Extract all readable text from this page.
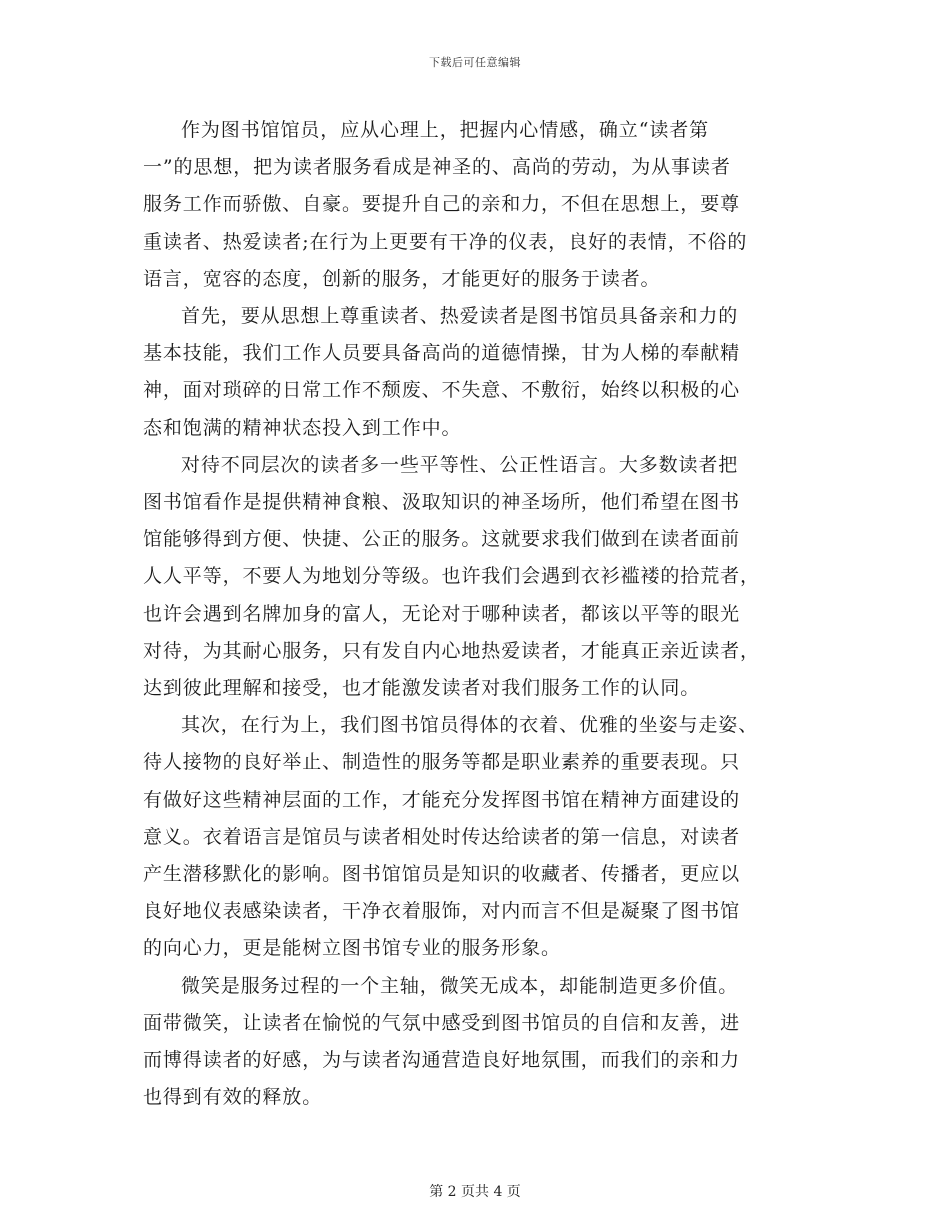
下载后可任意编辑

作为图书馆馆员，应从心理上，把握内心情感，确立“读者第
一”的思想，把为读者服务看成是神圣的、高尚的劳动，为从事读者
服务工作而骄傲、自豪。要提升自己的亲和力，不但在思想上，要尊
重读者、热爱读者;在行为上更要有干净的仪表，良好的表情，不俗的
语言，宽容的态度，创新的服务，才能更好的服务于读者。

首先，要从思想上尊重读者、热爱读者是图书馆员具备亲和力的
基本技能，我们工作人员要具备高尚的道德情操，甘为人梯的奉献精
神，面对琐碎的日常工作不颓废、不失意、不敷衍，始终以积极的心
态和饱满的精神状态投入到工作中。

对待不同层次的读者多一些平等性、公正性语言。大多数读者把
图书馆看作是提供精神食粮、汲取知识的神圣场所，他们希望在图书
馆能够得到方便、快捷、公正的服务。这就要求我们做到在读者面前
人人平等，不要人为地划分等级。也许我们会遇到衣衫褴褛的拾荒者，
也许会遇到名牌加身的富人，无论对于哪种读者，都该以平等的眼光
对待，为其耐心服务，只有发自内心地热爱读者，才能真正亲近读者，
达到彼此理解和接受，也才能激发读者对我们服务工作的认同。

其次，在行为上，我们图书馆员得体的衣着、优雅的坐姿与走姿、
待人接物的良好举止、制造性的服务等都是职业素养的重要表现。只
有做好这些精神层面的工作，才能充分发挥图书馆在精神方面建设的
意义。衣着语言是馆员与读者相处时传达给读者的第一信息，对读者
产生潜移默化的影响。图书馆馆员是知识的收藏者、传播者，更应以
良好地仪表感染读者，干净衣着服饰，对内而言不但是凝聚了图书馆
的向心力，更是能树立图书馆专业的服务形象。

微笑是服务过程的一个主轴，微笑无成本，却能制造更多价值。
面带微笑，让读者在愉悦的气氛中感受到图书馆员的自信和友善，进
而博得读者的好感，为与读者沟通营造良好地氛围，而我们的亲和力
也得到有效的释放。

第 2 页共 4 页
